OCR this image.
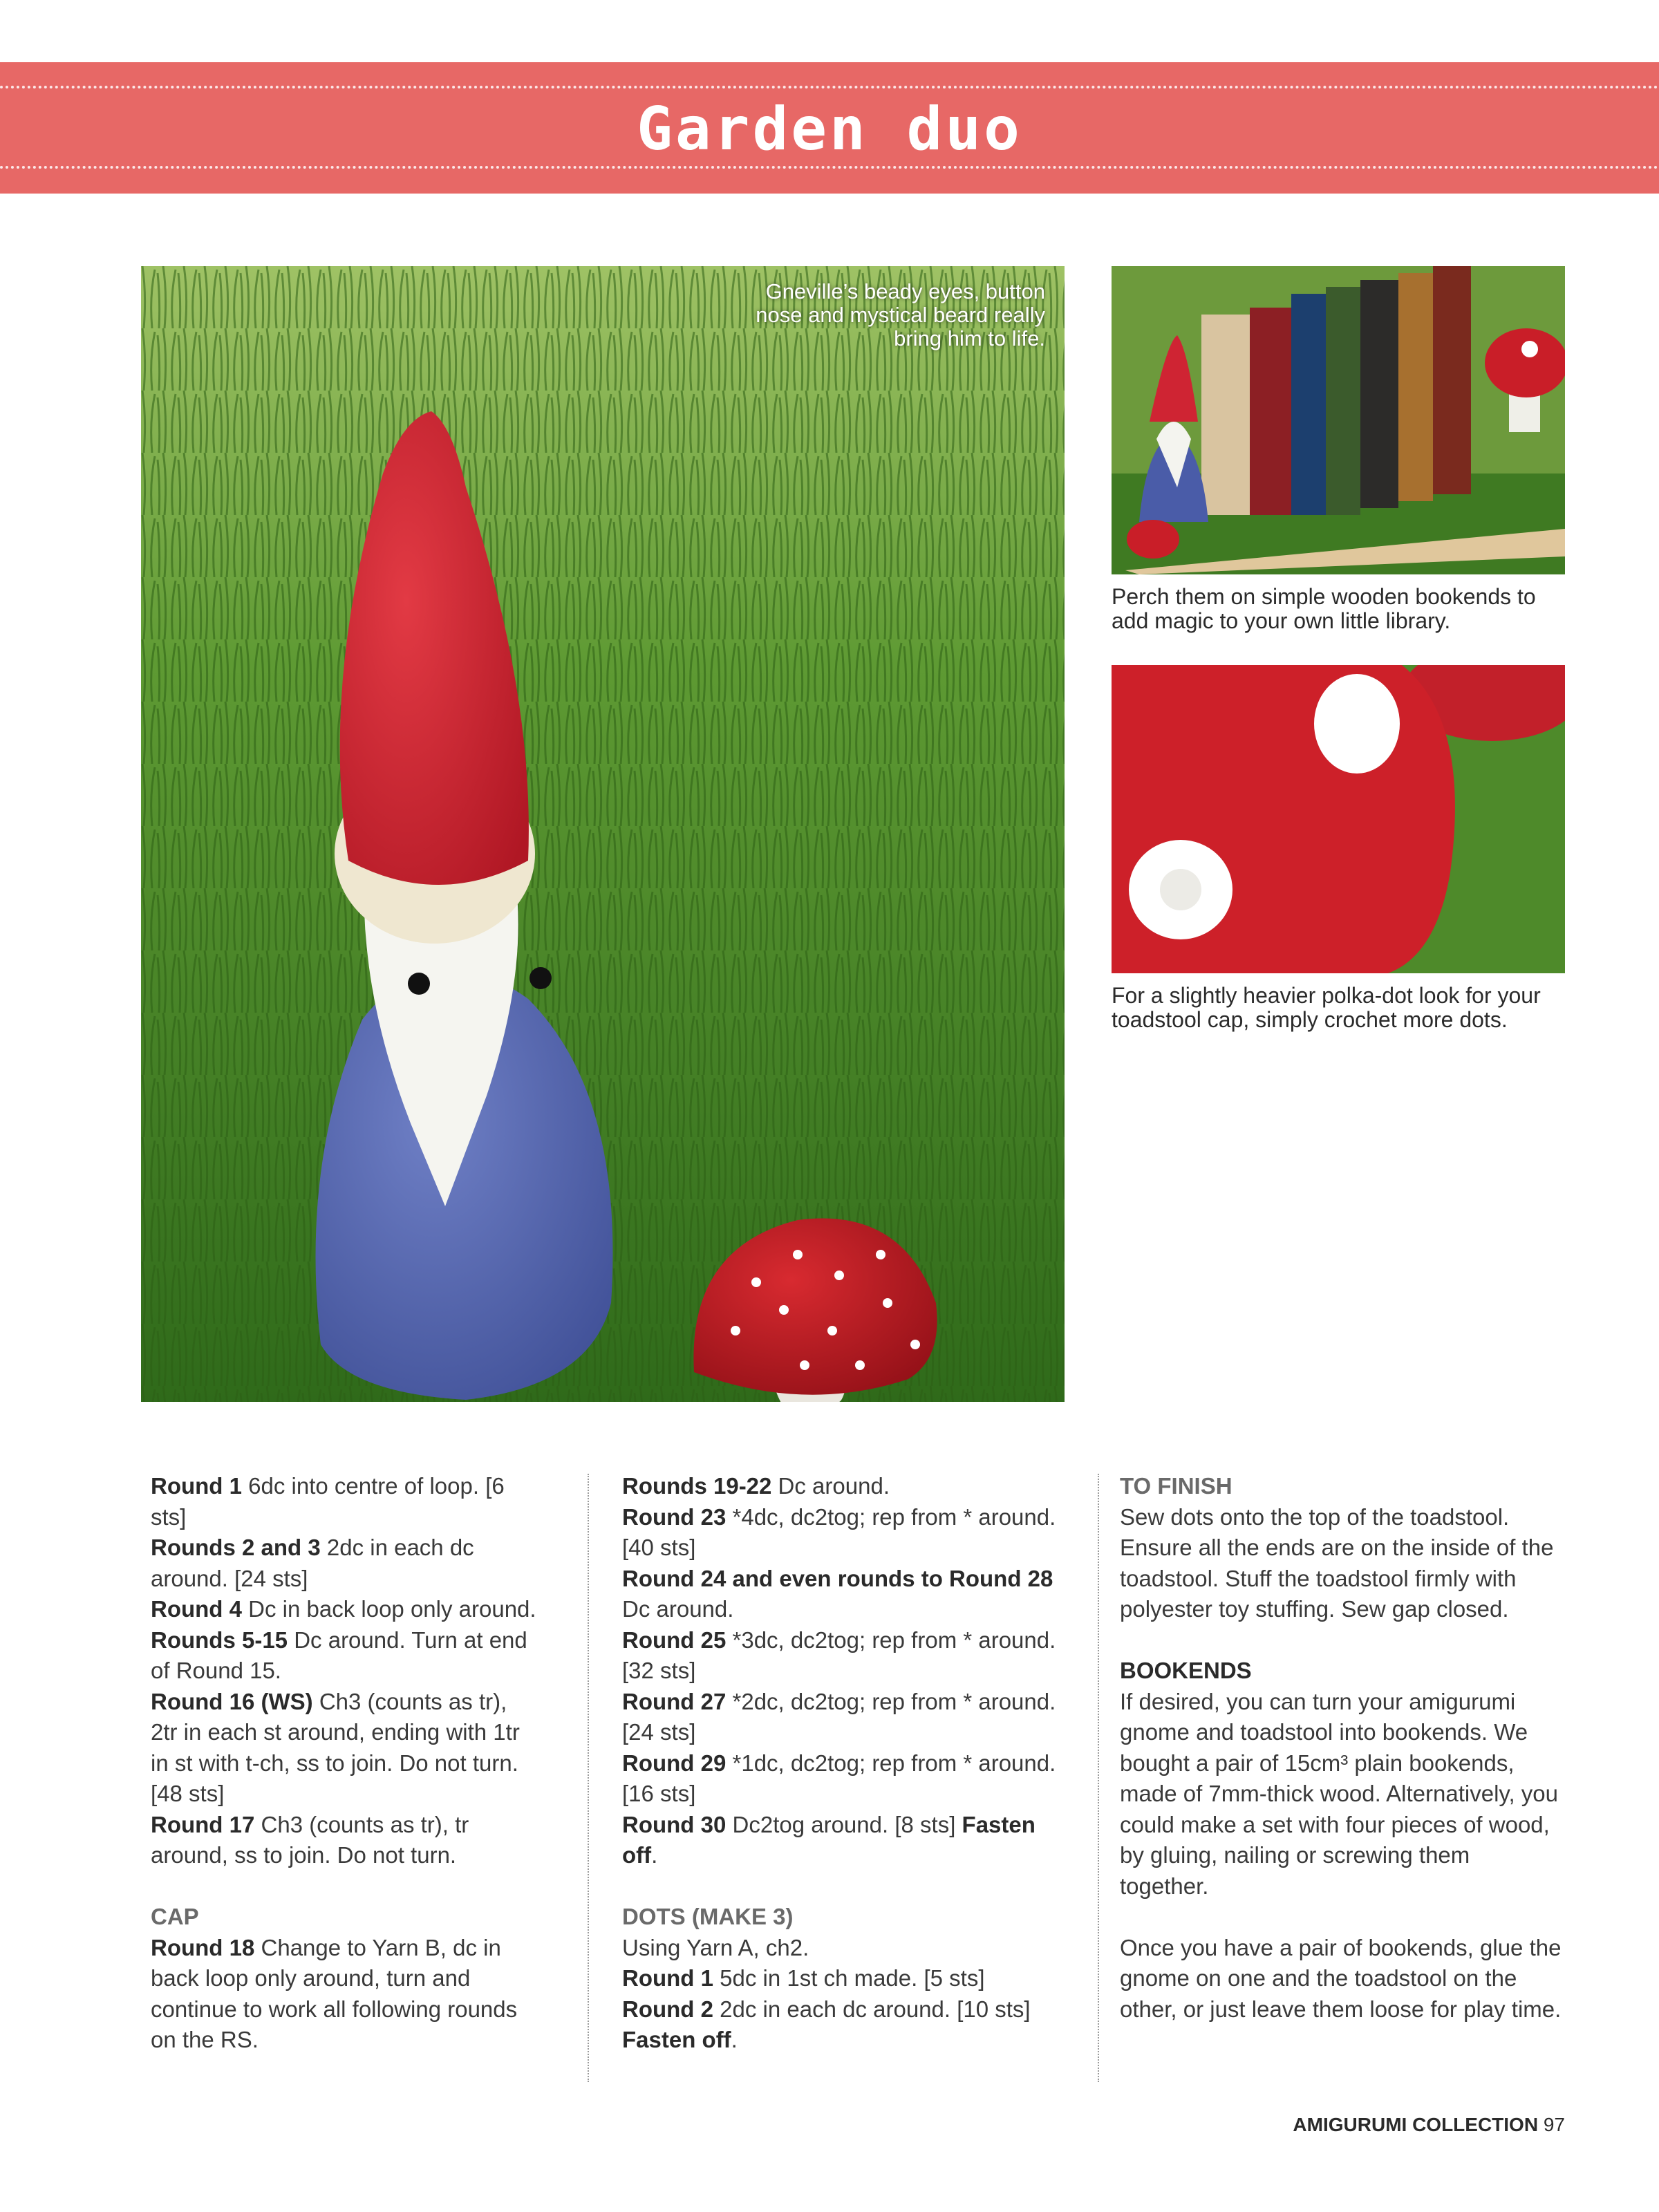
Garden duo
Gneville’s beady eyes, button nose and mystical beard really bring him to life.
Perch them on simple wooden bookends to add magic to your own little library.
For a slightly heavier polka-dot look for your toadstool cap, simply crochet more dots.

Round 1 6dc into centre of loop. [6 sts]

Rounds 2 and 3 2dc in each dc around. [24 sts]

Round 4 Dc in back loop only around.

Rounds 5-15 Dc around. Turn at end of Round 15.

Round 16 (WS) Ch3 (counts as tr), 2tr in each st around, ending with 1tr in st with t-ch, ss to join. Do not turn. [48 sts]

Round 17 Ch3 (counts as tr), tr around, ss to join. Do not turn.

CAP

Round 18 Change to Yarn B, dc in back loop only around, turn and continue to work all following rounds on the RS.

Rounds 19-22 Dc around.

Round 23 *4dc, dc2tog; rep from * around. [40 sts]

Round 24 and even rounds to Round 28 Dc around.

Round 25 *3dc, dc2tog; rep from * around. [32 sts]

Round 27 *2dc, dc2tog; rep from * around. [24 sts]

Round 29 *1dc, dc2tog; rep from * around. [16 sts]

Round 30 Dc2tog around. [8 sts] Fasten off.

DOTS (MAKE 3)

Using Yarn A, ch2.

Round 1 5dc in 1st ch made. [5 sts]

Round 2 2dc in each dc around. [10 sts]

Fasten off.

TO FINISH

Sew dots onto the top of the toadstool. Ensure all the ends are on the inside of the toadstool. Stuff the toadstool firmly with polyester toy stuffing. Sew gap closed.

BOOKENDS

If desired, you can turn your amigurumi gnome and toadstool into bookends. We bought a pair of 15cm³ plain bookends, made of 7mm-thick wood. Alternatively, you could make a set with four pieces of wood, by gluing, nailing or screwing them together.

Once you have a pair of bookends, glue the gnome on one and the toadstool on the other, or just leave them loose for play time.

AMIGURUMI COLLECTION 97
